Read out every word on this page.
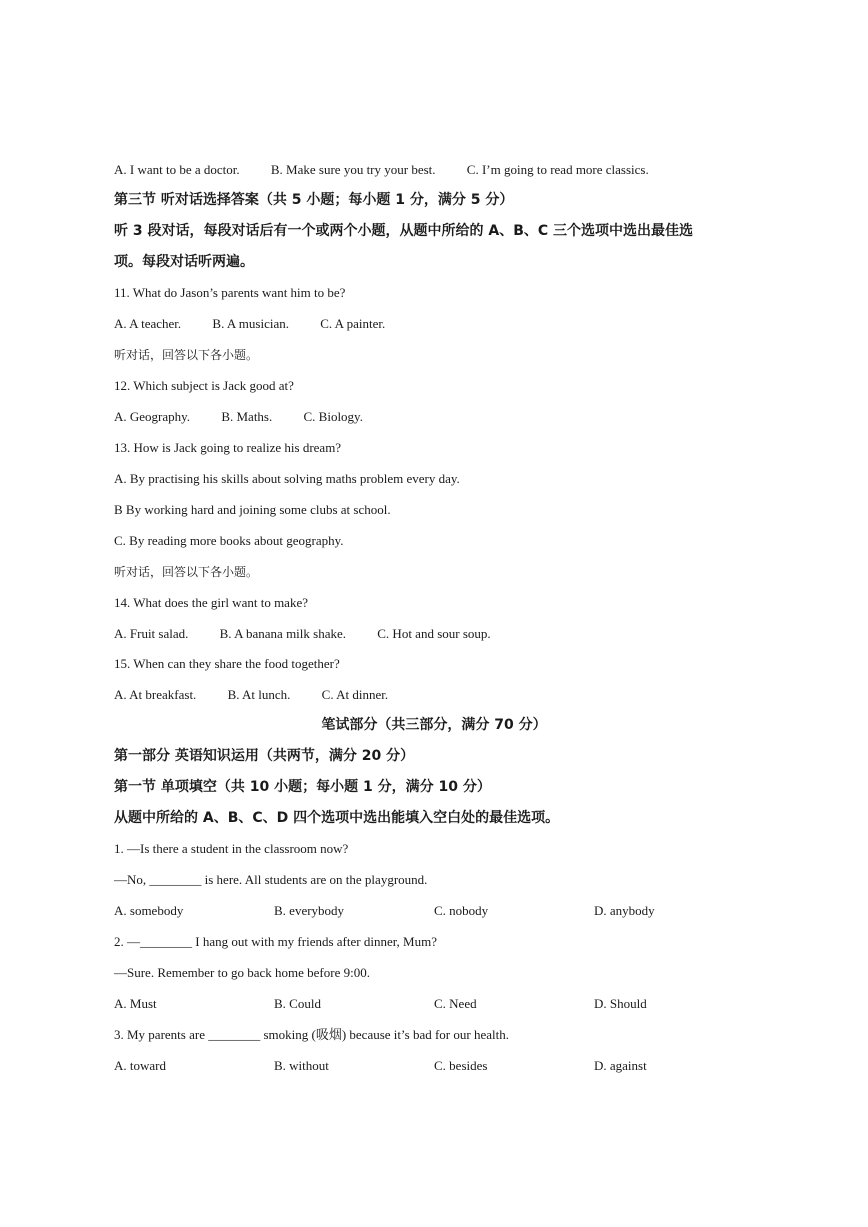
A. I want to be a doctor. B. Make sure you try your best. C. I’m going to read more classics.
第三节 听对话选择答案（共 5 小题；每小题 1 分，满分 5 分）
听 3 段对话，每段对话后有一个或两个小题，从题中所给的 A、B、C 三个选项中选出最佳选
项。每段对话听两遍。
11. What do Jason’s parents want him to be?
A. A teacher. B. A musician. C. A painter.
听对话，回答以下各小题。
12. Which subject is Jack good at?
A. Geography. B. Maths. C. Biology.
13. How is Jack going to realize his dream?
A. By practising his skills about solving maths problem every day.
B By working hard and joining some clubs at school.
C. By reading more books about geography.
听对话，回答以下各小题。
14. What does the girl want to make?
A. Fruit salad. B. A banana milk shake. C. Hot and sour soup.
15. When can they share the food together?
A. At breakfast. B. At lunch. C. At dinner.
笔试部分（共三部分，满分 70 分）
第一部分 英语知识运用（共两节，满分 20 分）
第一节 单项填空（共 10 小题；每小题 1 分，满分 10 分）
从题中所给的 A、B、C、D 四个选项中选出能填入空白处的最佳选项。
1. —Is there a student in the classroom now?
—No, ________ is here. All students are on the playground.
A. somebody	B. everybody	C. nobody	D. anybody
2. —________ I hang out with my friends after dinner, Mum?
—Sure. Remember to go back home before 9:00.
A. Must	B. Could	C. Need	D. Should
3. My parents are ________ smoking (吸烟) because it’s bad for our health.
A. toward	B. without	C. besides	D. against
